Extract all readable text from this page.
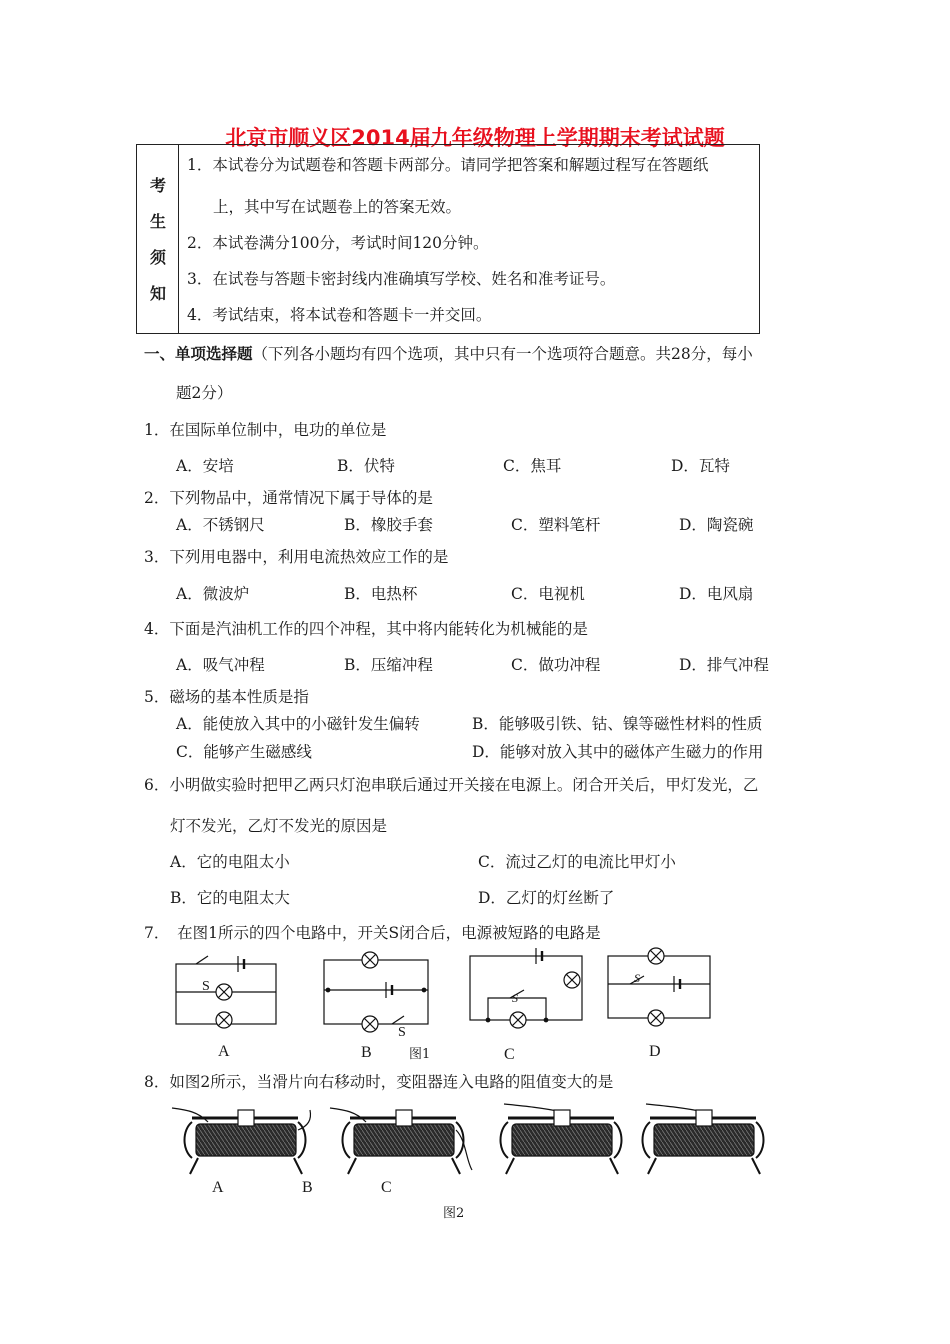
北京市顺义区2014届九年级物理上学期期末考试试题
考
生
须
知
1．本试卷分为试题卷和答题卡两部分。请同学把答案和解题过程写在答题纸
上，其中写在试题卷上的答案无效。
2．本试卷满分100分，考试时间120分钟。
3．在试卷与答题卡密封线内准确填写学校、姓名和准考证号。
4．考试结束，将本试卷和答题卡一并交回。
一、单项选择题（下列各小题均有四个选项，其中只有一个选项符合题意。共28分，每小
题2分）
1．在国际单位制中，电功的单位是
A．安培	B．伏特	C．焦耳	D．瓦特
2．下列物品中，通常情况下属于导体的是
A．不锈钢尺	B．橡胶手套	C．塑料笔杆	D．陶瓷碗
3．下列用电器中，利用电流热效应工作的是
A．微波炉	B．电热杯	C．电视机	D．电风扇
4．下面是汽油机工作的四个冲程，其中将内能转化为机械能的是
A．吸气冲程	B．压缩冲程	C．做功冲程	D．排气冲程
5．磁场的基本性质是指
A．能使放入其中的小磁针发生偏转	B．能够吸引铁、钴、镍等磁性材料的性质
C．能够产生磁感线	D．能够对放入其中的磁体产生磁力的作用
6．小明做实验时把甲乙两只灯泡串联后通过开关接在电源上。闭合开关后，甲灯发光，乙
灯不发光，乙灯不发光的原因是
A．它的电阻太小	C．流过乙灯的电流比甲灯小
B．它的电阻太大	D．乙灯的灯丝断了
7．　在图1所示的四个电路中，开关S闭合后，电源被短路的电路是
S
S
S
S
A	B	图1	C	D
8．如图2所示，当滑片向右移动时，变阻器连入电路的阻值变大的是
A	B	C
图2
